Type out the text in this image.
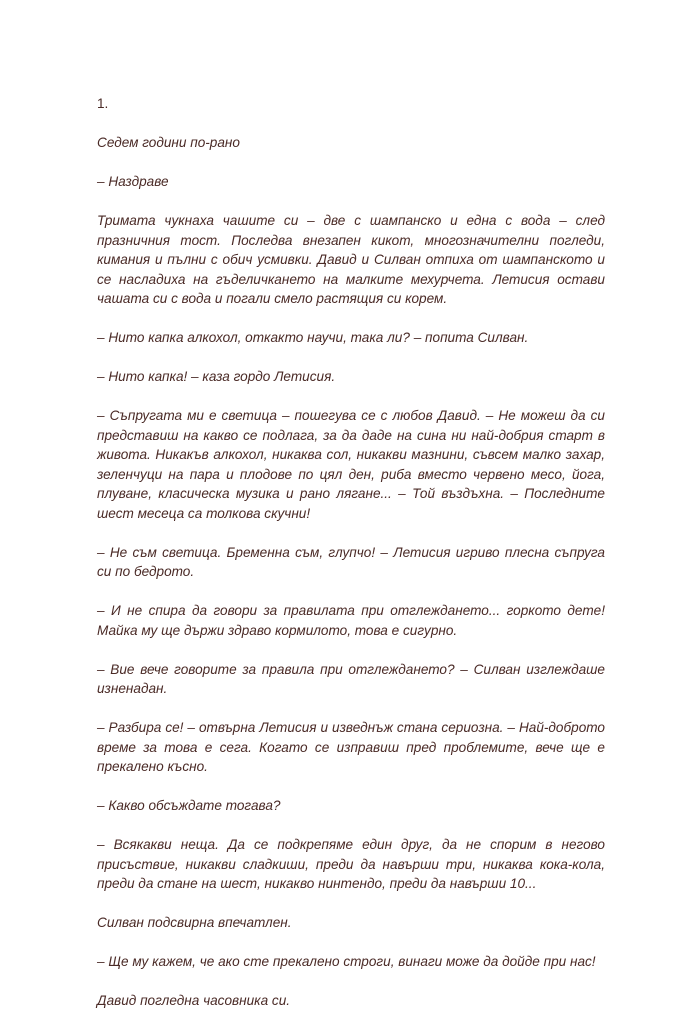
1.

Седем години по-рано

– Наздраве

Тримата чукнаха чашите си – две с шампанско и една с вода – след празничния тост. Последва внезапен кикот, многозначителни погледи, кимания и пълни с обич усмивки. Давид и Силван отпиха от шампанското и се насладиха на гъделичкането на малките мехурчета. Летисия остави чашата си с вода и погали смело растящия си корем.

– Нито капка алкохол, откакто научи, така ли? – попита Силван.

– Нито капка! – каза гордо Летисия.

– Съпругата ми е светица – пошегува се с любов Давид. – Не можеш да си представиш на какво се подлага, за да даде на сина ни най-добрия старт в живота. Никакъв алкохол, никаква сол, никакви мазнини, съвсем малко захар, зеленчуци на пара и плодове по цял ден, риба вместо червено месо, йога, плуване, класическа музика и рано лягане... – Той въздъхна. – Последните шест месеца са толкова скучни!

– Не съм светица. Бременна съм, глупчо! – Летисия игриво плесна съпруга си по бедрото.

– И не спира да говори за правилата при отглеждането... горкото дете! Майка му ще държи здраво кормилото, това е сигурно.

– Вие вече говорите за правила при отглеждането? – Силван изглеждаше изненадан.

– Разбира се! – отвърна Летисия и изведнъж стана сериозна. – Най-доброто време за това е сега. Когато се изправиш пред проблемите, вече ще е прекалено късно.

– Какво обсъждате тогава?

– Всякакви неща. Да се подкрепяме един друг, да не спорим в негово присъствие, никакви сладкиши, преди да навърши три, никаква кока-кола, преди да стане на шест, никакво нинтендо, преди да навърши 10...

Силван подсвирна впечатлен.

– Ще му кажем, че ако сте прекалено строги, винаги може да дойде при нас!

Давид погледна часовника си.
